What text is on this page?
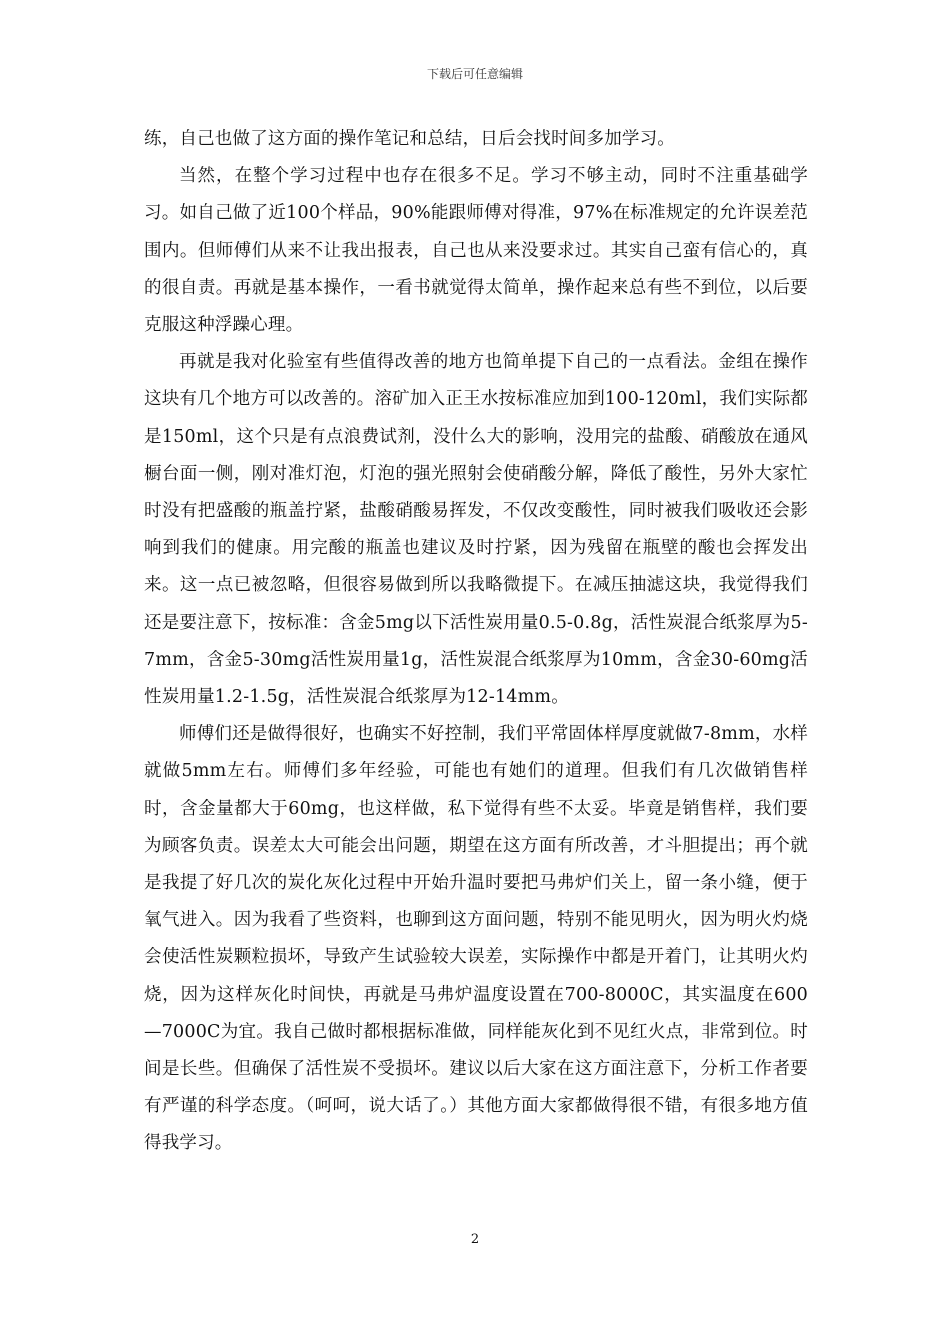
下载后可任意编辑

练，自己也做了这方面的操作笔记和总结，日后会找时间多加学习。

当然，在整个学习过程中也存在很多不足。学习不够主动，同时不注重基础学习。如自己做了近100个样品，90%能跟师傅对得准，97%在标准规定的允许误差范围内。但师傅们从来不让我出报表，自己也从来没要求过。其实自己蛮有信心的，真的很自责。再就是基本操作，一看书就觉得太简单，操作起来总有些不到位，以后要克服这种浮躁心理。

再就是我对化验室有些值得改善的地方也简单提下自己的一点看法。金组在操作这块有几个地方可以改善的。溶矿加入正王水按标准应加到100-120ml，我们实际都是150ml，这个只是有点浪费试剂，没什么大的影响，没用完的盐酸、硝酸放在通风橱台面一侧，刚对准灯泡，灯泡的强光照射会使硝酸分解，降低了酸性，另外大家忙时没有把盛酸的瓶盖拧紧，盐酸硝酸易挥发，不仅改变酸性，同时被我们吸收还会影响到我们的健康。用完酸的瓶盖也建议及时拧紧，因为残留在瓶壁的酸也会挥发出来。这一点已被忽略，但很容易做到所以我略微提下。在减压抽滤这块，我觉得我们还是要注意下，按标准：含金5mg以下活性炭用量0.5-0.8g，活性炭混合纸浆厚为5-7mm，含金5-30mg活性炭用量1g，活性炭混合纸浆厚为10mm，含金30-60mg活性炭用量1.2-1.5g，活性炭混合纸浆厚为12-14mm。

师傅们还是做得很好，也确实不好控制，我们平常固体样厚度就做7-8mm，水样就做5mm左右。师傅们多年经验，可能也有她们的道理。但我们有几次做销售样时，含金量都大于60mg，也这样做，私下觉得有些不太妥。毕竟是销售样，我们要为顾客负责。误差太大可能会出问题，期望在这方面有所改善，才斗胆提出；再个就是我提了好几次的炭化灰化过程中开始升温时要把马弗炉们关上，留一条小缝，便于氧气进入。因为我看了些资料，也聊到这方面问题，特别不能见明火，因为明火灼烧会使活性炭颗粒损坏，导致产生试验较大误差，实际操作中都是开着门，让其明火灼烧，因为这样灰化时间快，再就是马弗炉温度设置在700-8000C，其实温度在600—7000C为宜。我自己做时都根据标准做，同样能灰化到不见红火点，非常到位。时间是长些。但确保了活性炭不受损坏。建议以后大家在这方面注意下，分析工作者要有严谨的科学态度。（呵呵，说大话了。）其他方面大家都做得很不错，有很多地方值得我学习。

2
